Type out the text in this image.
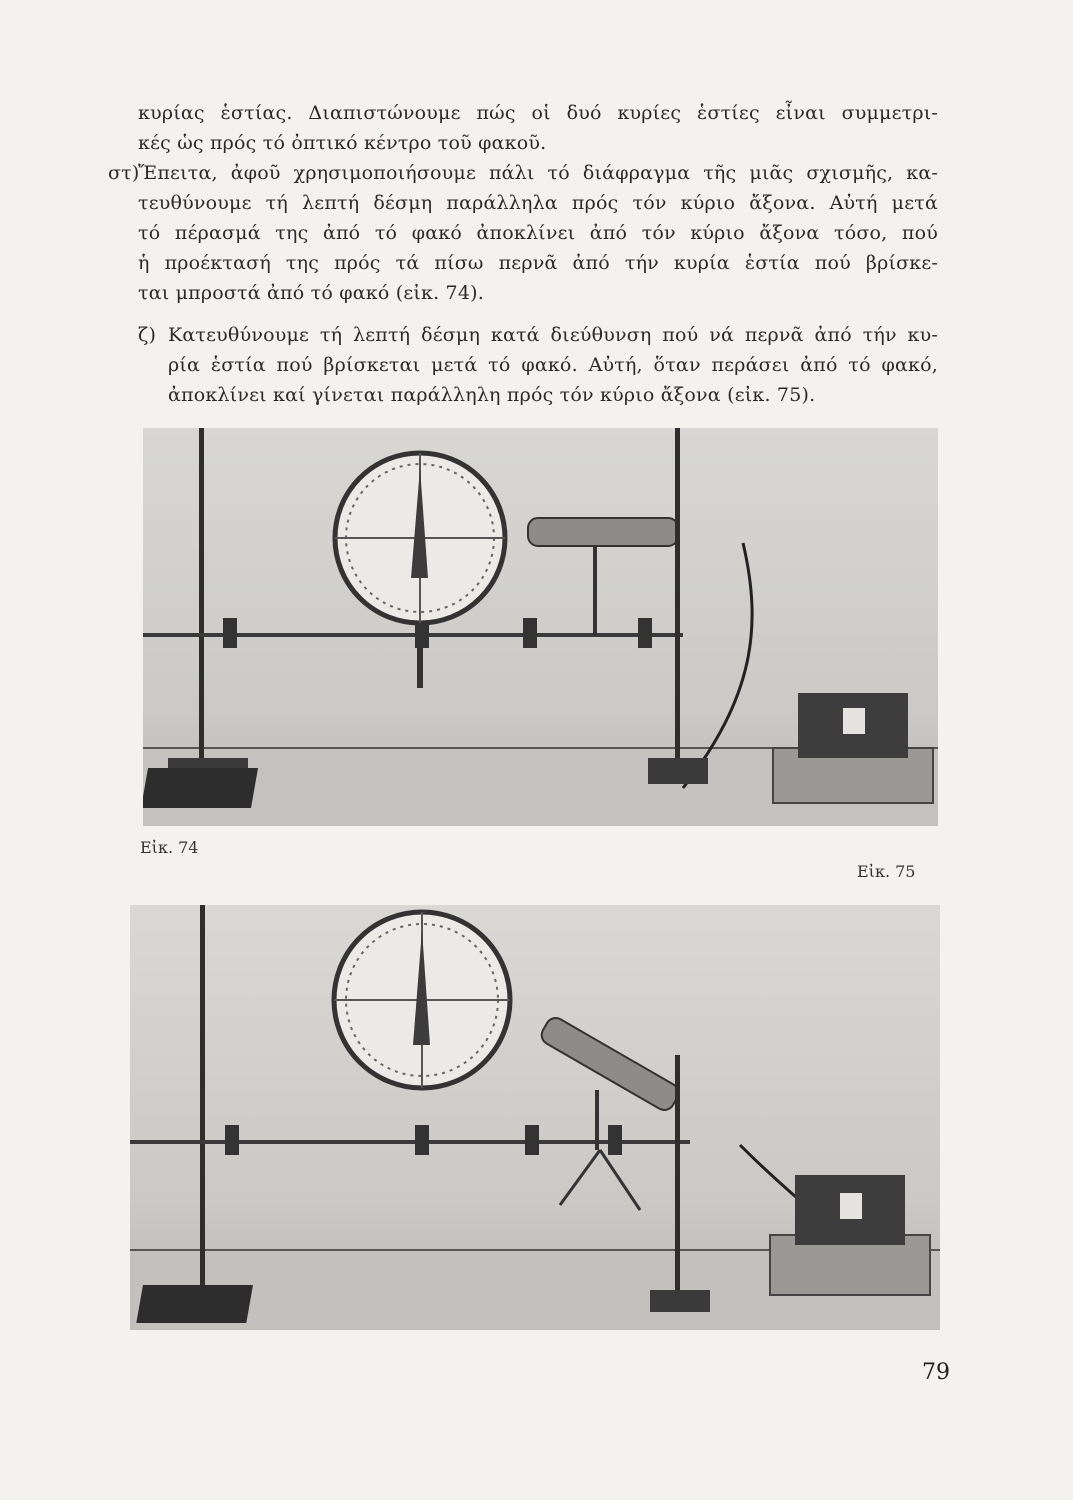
κυρίας ἑστίας. Διαπιστώνουμε πώς οἱ δυό κυρίες ἑστίες εἶναι συμμετρι-
κές ὡς πρός τό ὀπτικό κέντρο τοῦ φακοῦ.
στ)
Ἔπειτα, ἀφοῦ χρησιμοποιήσουμε πάλι τό διάφραγμα τῆς μιᾶς σχισμῆς, κα-
τευθύνουμε τή λεπτή δέσμη παράλληλα πρός τόν κύριο ἄξονα. Αὐτή μετά
τό πέρασμά της ἀπό τό φακό ἀποκλίνει ἀπό τόν κύριο ἄξονα τόσο, πού
ἡ προέκτασή της πρός τά πίσω περνᾶ ἀπό τήν κυρία ἑστία πού βρίσκε-
ται μπροστά ἀπό τό φακό (εἰκ. 74).
ζ) Κατευθύνουμε τή λεπτή δέσμη κατά διεύθυνση πού νά περνᾶ ἀπό τήν κυ-
ρία ἑστία πού βρίσκεται μετά τό φακό. Αὐτή, ὅταν περάσει ἀπό τό φακό,
ἀποκλίνει καί γίνεται παράλληλη πρός τόν κύριο ἄξονα (εἰκ. 75).
Εἰκ. 74
Εἰκ. 75
79
